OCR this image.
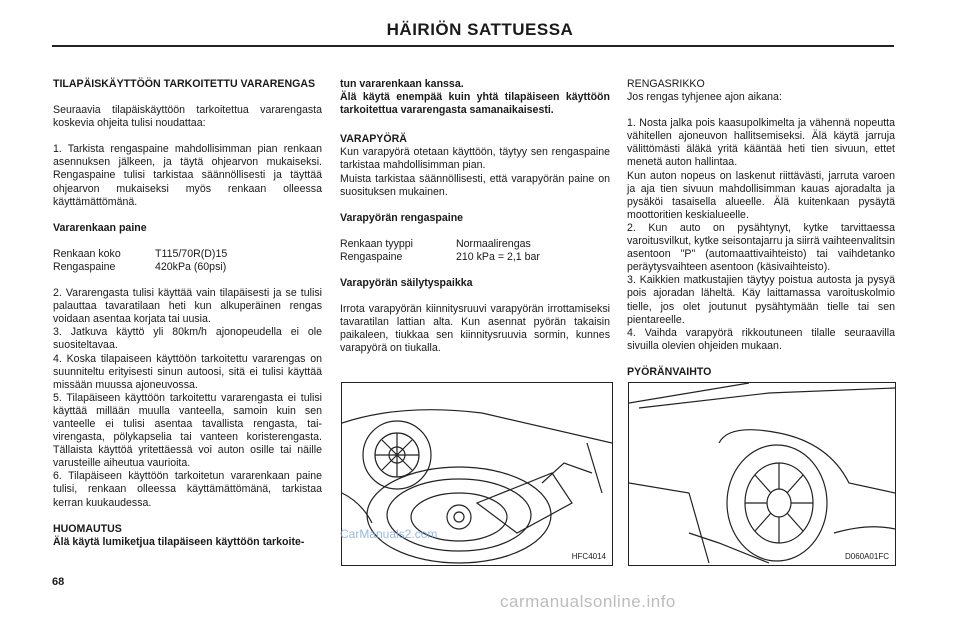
HÄIRIÖN SATTUESSA

TILAPÄISKÄYTTÖÖN TARKOITETTU VARARENGAS

Seuraavia tilapäiskäyttöön tarkoitettua vararengasta koskevia ohjeita tulisi noudattaa:

1. Tarkista rengaspaine mahdollisimman pian renkaan asennuksen jälkeen, ja täytä ohjearvon mukaiseksi. Rengaspaine tulisi tarkistaa säännöllisesti ja täyttää ohjearvon mukaiseksi myös renkaan olleessa käyttämättömänä.

Vararenkaan paine

Renkaan koko	T115/70R(D)15
Rengaspaine	420kPa (60psi)

2. Vararengasta tulisi käyttää vain tilapäisesti ja se tulisi palauttaa tavaratilaan heti kun alkuperäinen rengas voidaan asentaa korjata tai uusia.

3. Jatkuva käyttö yli 80km/h ajonopeudella ei ole suositeltavaa.

4. Koska tilapaiseen käyttöön tarkoitettu vararengas on suunniteltu erityisesti sinun autoosi, sitä ei tulisi käyttää missään muussa ajoneuvossa.

5. Tilapäiseen käyttöön tarkoitettu vararengasta ei tulisi käyttää millään muulla vanteella, samoin kuin sen vanteelle ei tulisi asentaa tavallista rengasta, tai- virengasta, pölykapselia tai vanteen koristerengasta. Tällaista käyttöä yritettäessä voi auton osille tai näille varusteille aiheutua vaurioita.

6. Tilapäiseen käyttöön tarkoitetun vararenkaan paine tulisi, renkaan olleessa käyttämättömänä, tarkistaa kerran kuukaudessa.

HUOMAUTUS

Älä käytä lumiketjua tilapäiseen käyttöön tarkoite-

tun vararenkaan kanssa.

Älä käytä enempää kuin yhtä tilapäiseen käyttöön tarkoitettua vararengasta samanaikaisesti.

VARAPYÖRÄ

Kun varapyörä otetaan käyttöön, täytyy sen rengaspaine tarkistaa mahdollisimman pian.

Muista tarkistaa säännöllisesti, että varapyörän paine on suosituksen mukainen.

Varapyörän rengaspaine

Renkaan tyyppi	Normaalirengas
Rengaspaine	210 kPa = 2,1 bar

Varapyörän säilytyspaikka

Irrota varapyörän kiinnitysruuvi varapyörän irrottamiseksi tavaratilan lattian alta. Kun asennat pyörän takaisin paikaleen, tiukkaa sen kiinnitysruuvia sormin, kunnes varapyörä on tiukalla.

RENGASRIKKO

Jos rengas tyhjenee ajon aikana:

1. Nosta jalka pois kaasupolkimelta ja vähennä nopeutta vähitellen ajoneuvon hallitsemiseksi. Älä käytä jarruja välittömästi äläkä yritä kääntää heti tien sivuun, ettet menetä auton hallintaa.

Kun auton nopeus on laskenut riittävästi, jarruta varoen ja aja tien sivuun mahdollisimman kauas ajoradalta ja pysäköi tasaisella alueelle. Älä kuitenkaan pysäytä moottoritien keskialueelle.

2. Kun auto on pysähtynyt, kytke tarvittaessa varoitusvilkut, kytke seisontajarru ja siirrä vaihteenvalitsin asentoon "P" (automaattivaihteisto) tai vaihdetanko peräytysvaihteen asentoon (käsivaihteisto).

3. Kaikkien matkustajien täytyy poistua autosta ja pysyä pois ajoradan läheltä. Käy laittamassa varoituskolmio tielle, jos olet joutunut pysähtymään tielle tai sen pientareelle.

4. Vaihda varapyörä rikkoutuneen tilalle seuraavilla sivuilla olevien ohjeiden mukaan.

PYÖRÄNVAIHTO

HFC4014	D060A01FC
CarManuals2.com
68
carmanualsonline.info
